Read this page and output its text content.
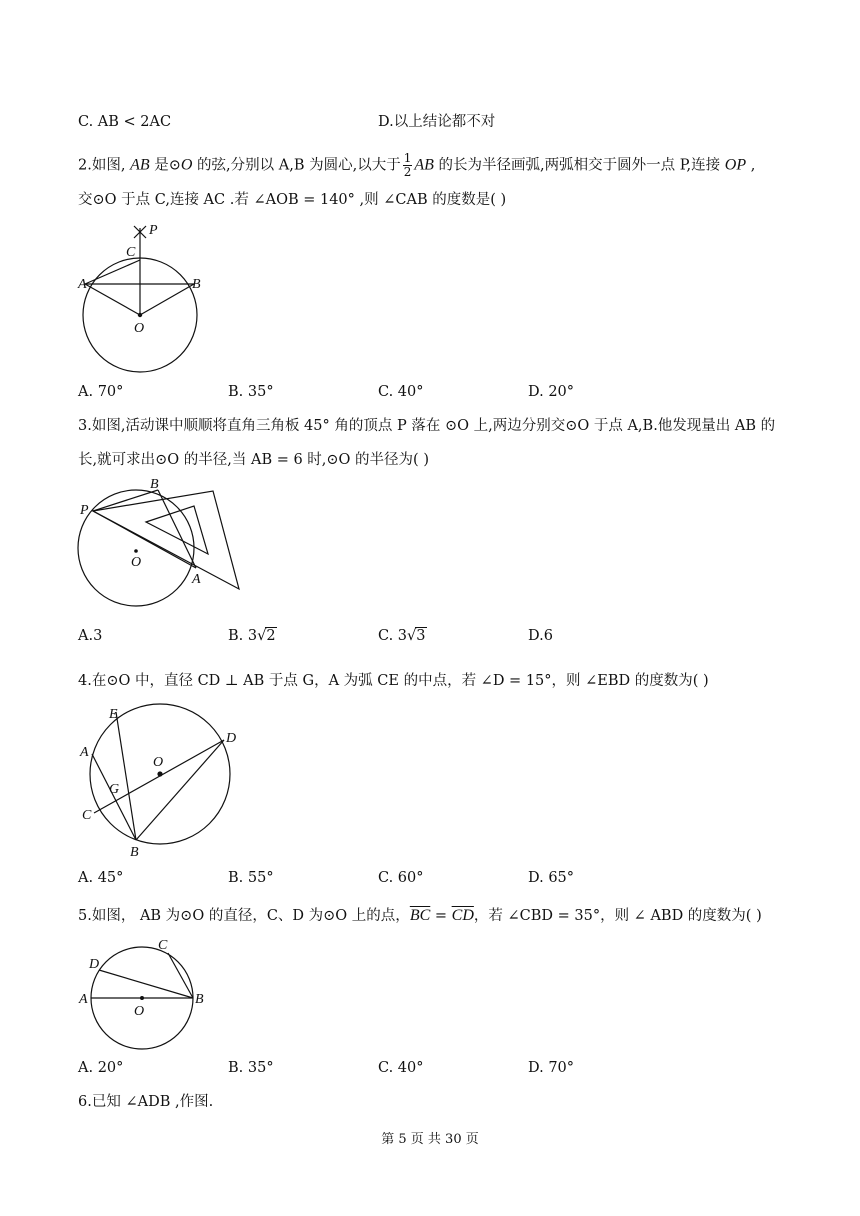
C. AB < 2AC	D.以上结论都不对
2.如图, AB 是⊙O 的弦,分别以 A,B 为圆心,以大于 $\frac{1}{2}$ AB 的长为半径画弧,两弧相交于圆外一点 P,连接 OP ,
交⊙O 于点 C,连接 AC .若 ∠AOB = 140° ,则 ∠CAB 的度数是( )
P
C
A	B
O
A. 70°	B. 35°	C. 40°	D. 20°
3.如图,活动课中顺顺将直角三角板 45° 角的顶点 P 落在 ⊙O 上,两边分别交⊙O 于点 A,B.他发现量出 AB 的
长,就可求出⊙O 的半径,当 AB = 6 时,⊙O 的半径为( )
P
B
O
A
A.3	B. 3√2	C. 3√3	D.6
4.在⊙O 中，直径 CD ⊥ AB 于点 G，A 为弧 CE 的中点，若 ∠D = 15°，则 ∠EBD 的度数为( )
E
A
D
O
G
C
B
A. 45°	B. 55°	C. 60°	D. 65°
5.如图， AB 为⊙O 的直径，C、D 为⊙O 上的点，$\overline{BC} = \overline{CD}$，若 ∠CBD = 35°，则 ∠ ABD 的度数为( )
C
D
A	B
O
A. 20°	B. 35°	C. 40°	D. 70°
6.已知 ∠ADB ,作图.
第 5 页 共 30 页
